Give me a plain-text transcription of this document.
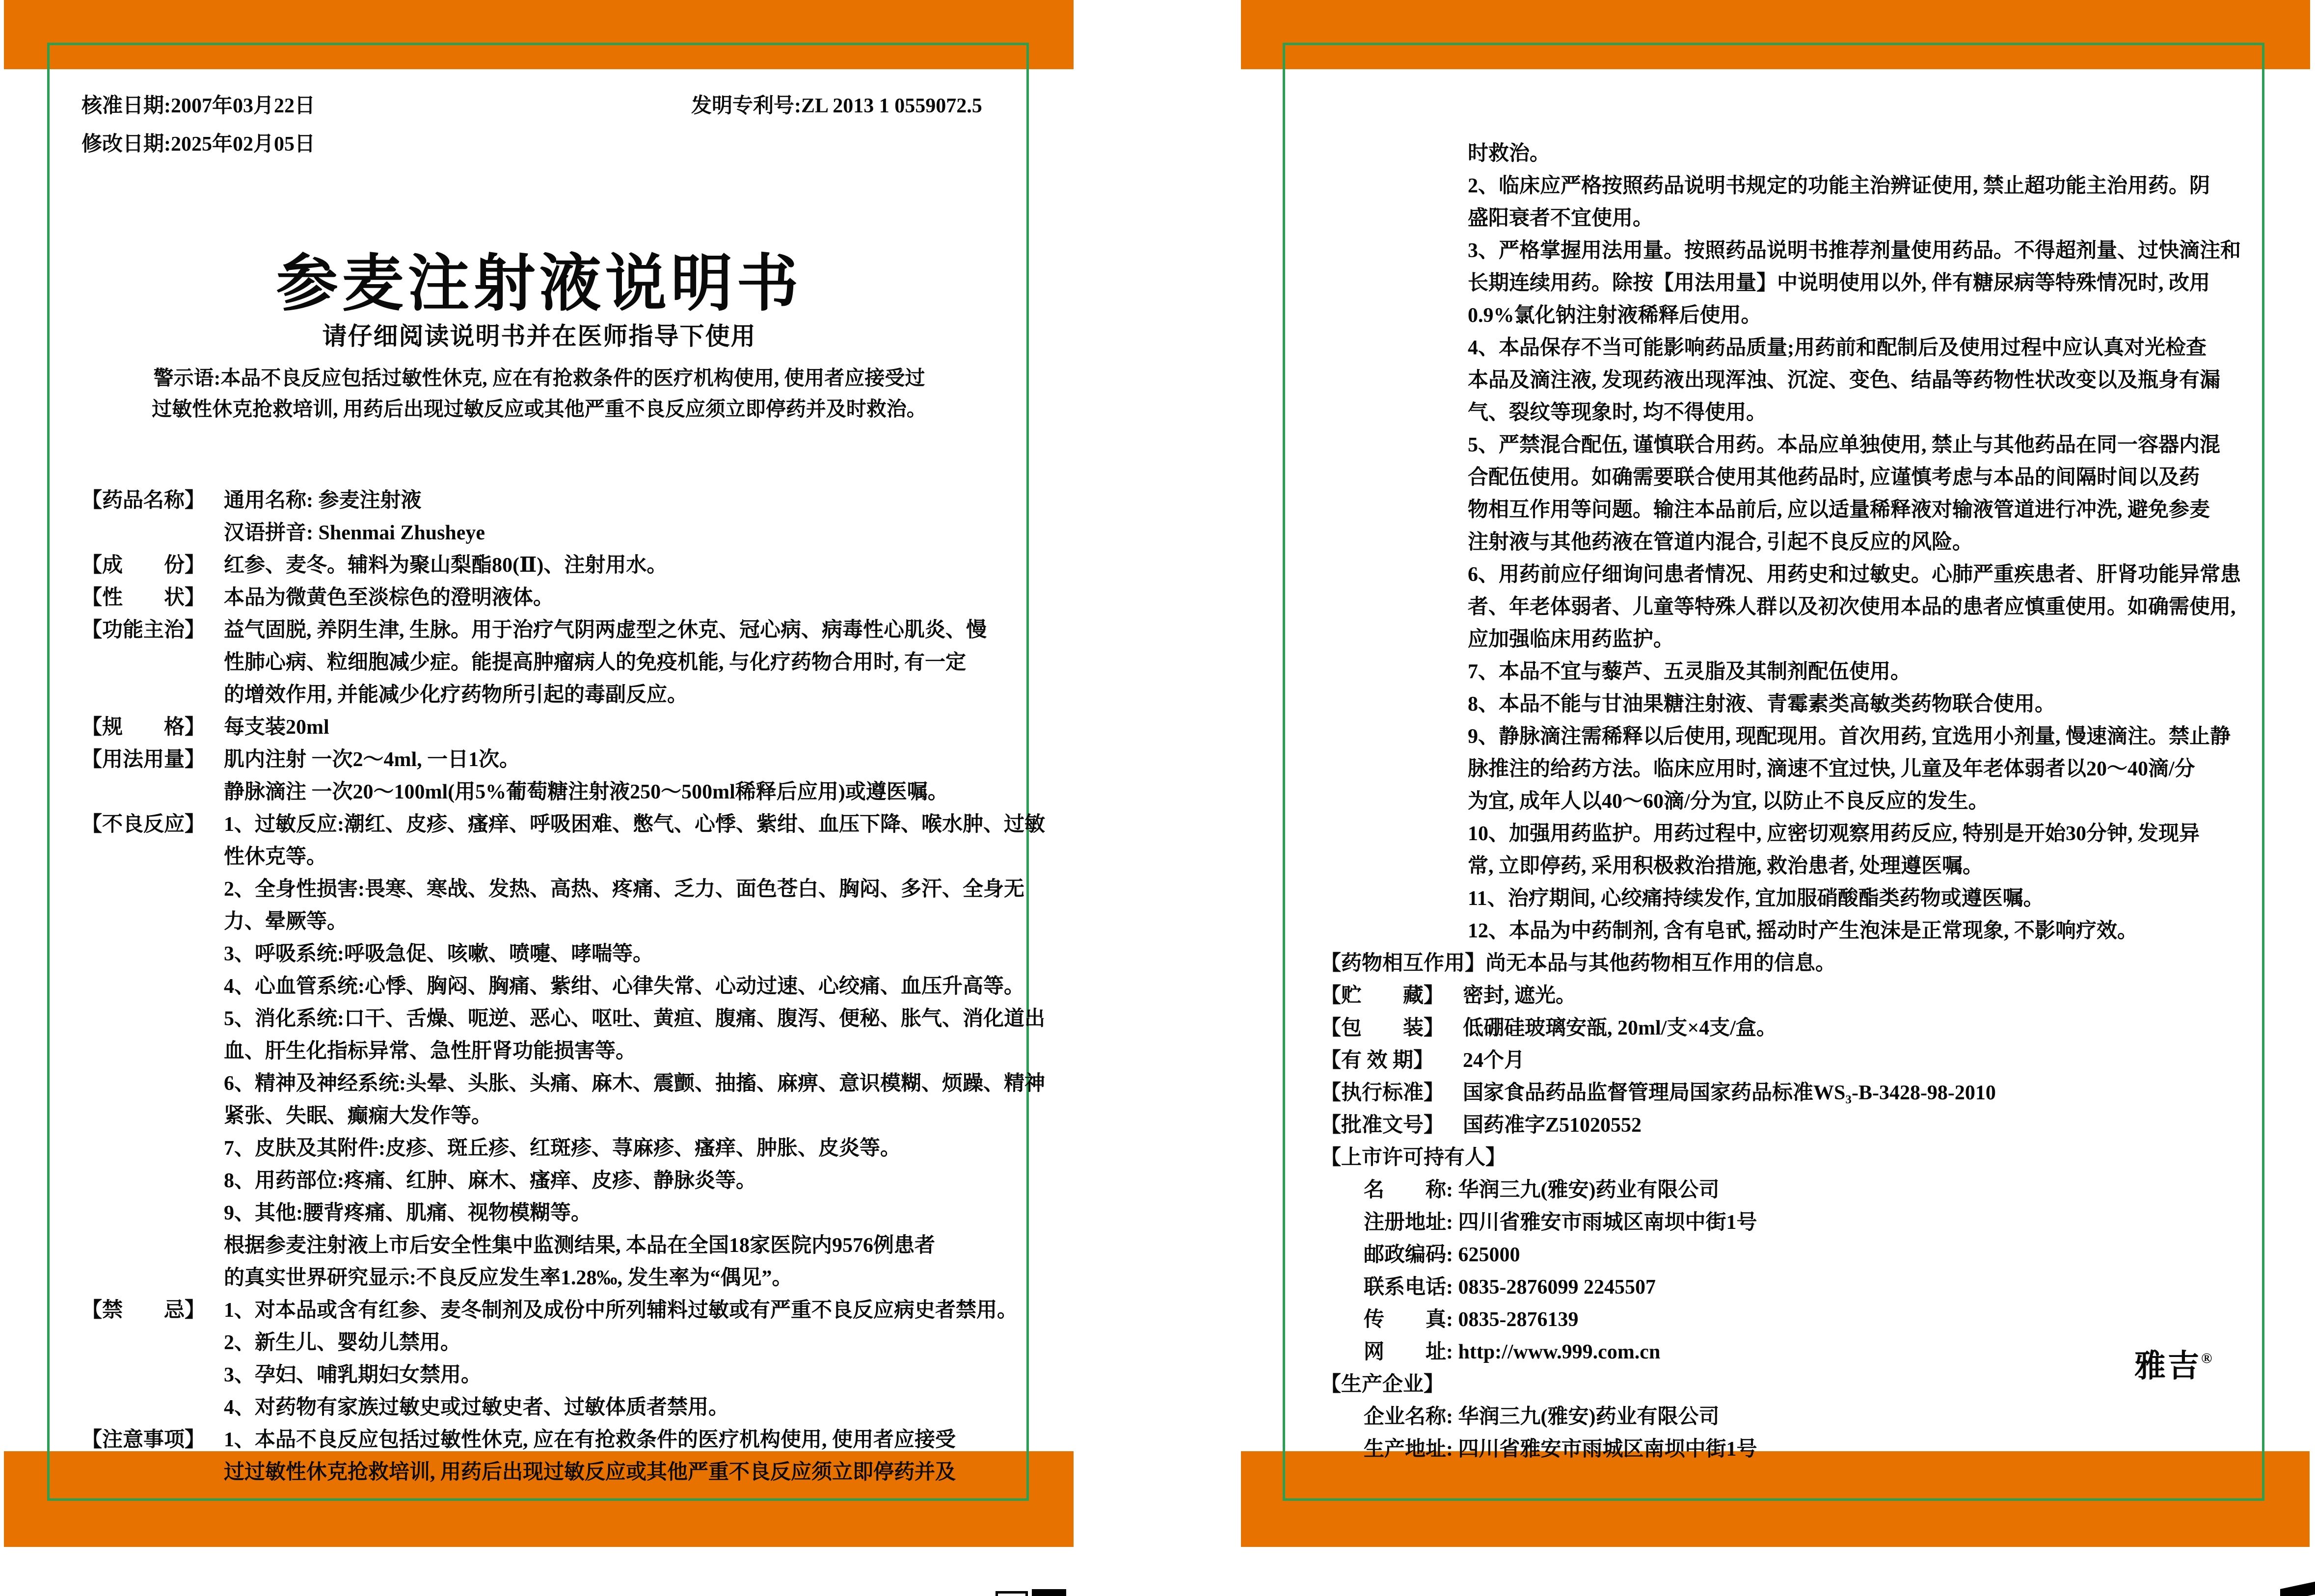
核准日期:2007年03月22日
修改日期:2025年02月05日
发明专利号:ZL 2013 1 0559072.5
参麦注射液说明书
请仔细阅读说明书并在医师指导下使用
警示语:本品不良反应包括过敏性休克, 应在有抢救条件的医疗机构使用, 使用者应接受过
过敏性休克抢救培训, 用药后出现过敏反应或其他严重不良反应须立即停药并及时救治。
【药品名称】 通用名称: 参麦注射液
汉语拼音: Shenmai Zhusheye
【成　　份】 红参、麦冬。辅料为聚山梨酯80(Ⅱ)、注射用水。
【性　　状】 本品为微黄色至淡棕色的澄明液体。
【功能主治】 益气固脱, 养阴生津, 生脉。用于治疗气阴两虚型之休克、冠心病、病毒性心肌炎、慢
性肺心病、粒细胞减少症。能提高肿瘤病人的免疫机能, 与化疗药物合用时, 有一定
的增效作用, 并能减少化疗药物所引起的毒副反应。
【规　　格】 每支装20ml
【用法用量】 肌内注射 一次2～4ml, 一日1次。
静脉滴注 一次20～100ml(用5%葡萄糖注射液250～500ml稀释后应用)或遵医嘱。
【不良反应】 1、过敏反应:潮红、皮疹、瘙痒、呼吸困难、憋气、心悸、紫绀、血压下降、喉水肿、过敏
性休克等。
2、全身性损害:畏寒、寒战、发热、高热、疼痛、乏力、面色苍白、胸闷、多汗、全身无
力、晕厥等。
3、呼吸系统:呼吸急促、咳嗽、喷嚏、哮喘等。
4、心血管系统:心悸、胸闷、胸痛、紫绀、心律失常、心动过速、心绞痛、血压升高等。
5、消化系统:口干、舌燥、呃逆、恶心、呕吐、黄疸、腹痛、腹泻、便秘、胀气、消化道出
血、肝生化指标异常、急性肝肾功能损害等。
6、精神及神经系统:头晕、头胀、头痛、麻木、震颤、抽搐、麻痹、意识模糊、烦躁、精神
紧张、失眠、癫痫大发作等。
7、皮肤及其附件:皮疹、斑丘疹、红斑疹、荨麻疹、瘙痒、肿胀、皮炎等。
8、用药部位:疼痛、红肿、麻木、瘙痒、皮疹、静脉炎等。
9、其他:腰背疼痛、肌痛、视物模糊等。
根据参麦注射液上市后安全性集中监测结果, 本品在全国18家医院内9576例患者
的真实世界研究显示:不良反应发生率1.28‰, 发生率为“偶见”。
【禁　　忌】 1、对本品或含有红参、麦冬制剂及成份中所列辅料过敏或有严重不良反应病史者禁用。
2、新生儿、婴幼儿禁用。
3、孕妇、哺乳期妇女禁用。
4、对药物有家族过敏史或过敏史者、过敏体质者禁用。
【注意事项】 1、本品不良反应包括过敏性休克, 应在有抢救条件的医疗机构使用, 使用者应接受
过过敏性休克抢救培训, 用药后出现过敏反应或其他严重不良反应须立即停药并及
时救治。
2、临床应严格按照药品说明书规定的功能主治辨证使用, 禁止超功能主治用药。阴
盛阳衰者不宜使用。
3、严格掌握用法用量。按照药品说明书推荐剂量使用药品。不得超剂量、过快滴注和
长期连续用药。除按【用法用量】中说明使用以外, 伴有糖尿病等特殊情况时, 改用
0.9%氯化钠注射液稀释后使用。
4、本品保存不当可能影响药品质量;用药前和配制后及使用过程中应认真对光检查
本品及滴注液, 发现药液出现浑浊、沉淀、变色、结晶等药物性状改变以及瓶身有漏
气、裂纹等现象时, 均不得使用。
5、严禁混合配伍, 谨慎联合用药。本品应单独使用, 禁止与其他药品在同一容器内混
合配伍使用。如确需要联合使用其他药品时, 应谨慎考虑与本品的间隔时间以及药
物相互作用等问题。输注本品前后, 应以适量稀释液对输液管道进行冲洗, 避免参麦
注射液与其他药液在管道内混合, 引起不良反应的风险。
6、用药前应仔细询问患者情况、用药史和过敏史。心肺严重疾患者、肝肾功能异常患
者、年老体弱者、儿童等特殊人群以及初次使用本品的患者应慎重使用。如确需使用,
应加强临床用药监护。
7、本品不宜与藜芦、五灵脂及其制剂配伍使用。
8、本品不能与甘油果糖注射液、青霉素类高敏类药物联合使用。
9、静脉滴注需稀释以后使用, 现配现用。首次用药, 宜选用小剂量, 慢速滴注。禁止静
脉推注的给药方法。临床应用时, 滴速不宜过快, 儿童及年老体弱者以20～40滴/分
为宜, 成年人以40～60滴/分为宜, 以防止不良反应的发生。
10、加强用药监护。用药过程中, 应密切观察用药反应, 特别是开始30分钟, 发现异
常, 立即停药, 采用积极救治措施, 救治患者, 处理遵医嘱。
11、治疗期间, 心绞痛持续发作, 宜加服硝酸酯类药物或遵医嘱。
12、本品为中药制剂, 含有皂甙, 摇动时产生泡沫是正常现象, 不影响疗效。
【药物相互作用】尚无本品与其他药物相互作用的信息。
【贮　　藏】 密封, 遮光。
【包　　装】 低硼硅玻璃安瓿, 20ml/支×4支/盒。
【有 效 期】 24个月
【执行标准】 国家食品药品监督管理局国家药品标准WS₃-B-3428-98-2010
【批准文号】 国药准字Z51020552
【上市许可持有人】
名　　称: 华润三九(雅安)药业有限公司
注册地址: 四川省雅安市雨城区南坝中街1号
邮政编码: 625000
联系电话: 0835-2876099 2245507
传　　真: 0835-2876139
网　　址: http://www.999.com.cn
【生产企业】
企业名称: 华润三九(雅安)药业有限公司
生产地址: 四川省雅安市雨城区南坝中街1号
雅吉®
